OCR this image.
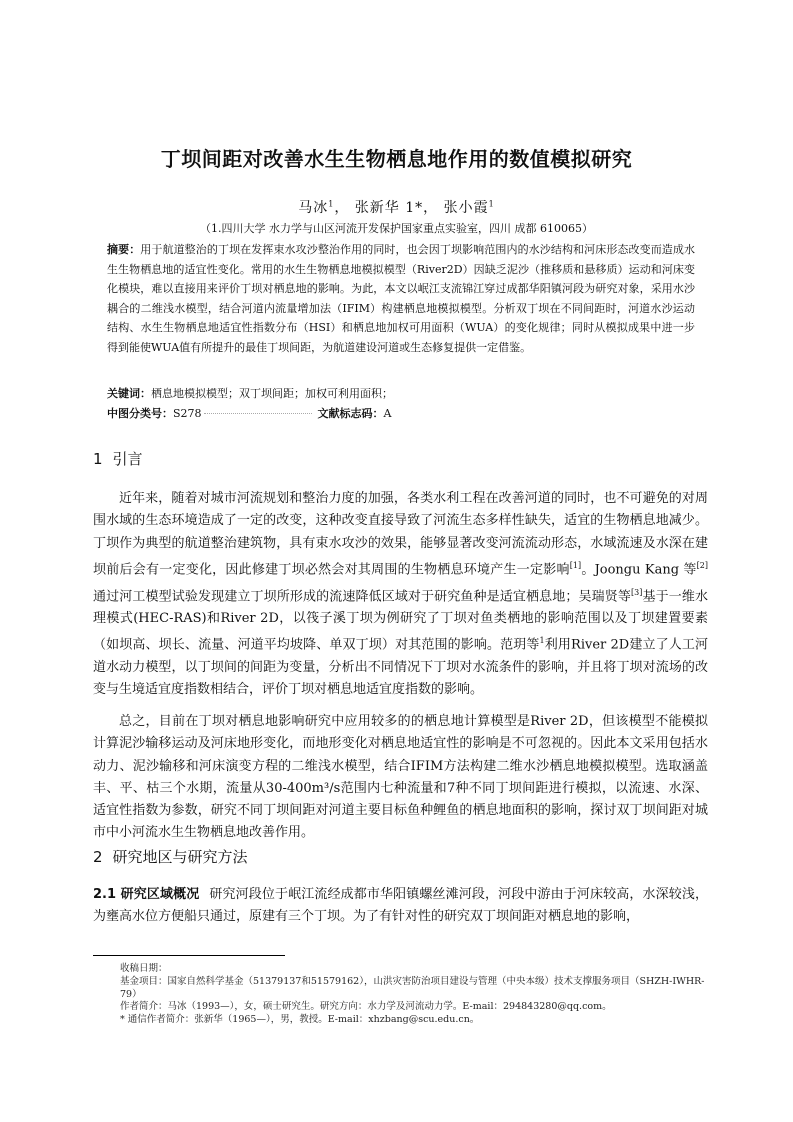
丁坝间距对改善水生生物栖息地作用的数值模拟研究
马冰$^1$， 张新华 1*， 张小霞$^1$
（1.四川大学 水力学与山区河流开发保护国家重点实验室，四川 成都 610065）
摘要：用于航道整治的丁坝在发挥束水攻沙整治作用的同时，也会因丁坝影响范围内的水沙结构和河床形态改变而造成水生生物栖息地的适宜性变化。常用的水生生物栖息地模拟模型（River2D）因缺乏泥沙（推移质和悬移质）运动和河床变化模块，难以直接用来评价丁坝对栖息地的影响。为此，本文以岷江支流锦江穿过成都华阳镇河段为研究对象，采用水沙耦合的二维浅水模型，结合河道内流量增加法（IFIM）构建栖息地模拟模型。分析双丁坝在不同间距时，河道水沙运动结构、水生生物栖息地适宜性指数分布（HSI）和栖息地加权可用面积（WUA）的变化规律；同时从模拟成果中进一步得到能使WUA值有所提升的最佳丁坝间距，为航道建设河道或生态修复提供一定借鉴。
关键词：栖息地模拟模型；双丁坝间距；加权可利用面积；
中图分类号：S278	文献标志码：A
1 引言

近年来，随着对城市河流规划和整治力度的加强，各类水利工程在改善河道的同时，也不可避免的对周围水域的生态环境造成了一定的改变，这种改变直接导致了河流生态多样性缺失，适宜的生物栖息地减少。丁坝作为典型的航道整治建筑物，具有束水攻沙的效果，能够显著改变河流流动形态，水域流速及水深在建坝前后会有一定变化，因此修建丁坝必然会对其周围的生物栖息环境产生一定影响[1]。Joongu Kang 等[2]通过河工模型试验发现建立丁坝所形成的流速降低区域对于研究鱼种是适宜栖息地；吴瑞贤等[3]基于一维水理模式(HEC-RAS)和River 2D，以筏子溪丁坝为例研究了丁坝对鱼类栖地的影响范围以及丁坝建置要素（如坝高、坝长、流量、河道平均坡降、单双丁坝）对其范围的影响。范玥等$^1$利用River 2D建立了人工河道水动力模型，以丁坝间的间距为变量，分析出不同情况下丁坝对水流条件的影响，并且将丁坝对流场的改变与生境适宜度指数相结合，评价丁坝对栖息地适宜度指数的影响。

总之，目前在丁坝对栖息地影响研究中应用较多的的栖息地计算模型是River 2D，但该模型不能模拟计算泥沙输移运动及河床地形变化，而地形变化对栖息地适宜性的影响是不可忽视的。因此本文采用包括水动力、泥沙输移和河床演变方程的二维浅水模型，结合IFIM方法构建二维水沙栖息地模拟模型。选取涵盖丰、平、枯三个水期，流量从30-400m³/s范围内七种流量和7种不同丁坝间距进行模拟，以流速、水深、适宜性指数为参数，研究不同丁坝间距对河道主要目标鱼种鲤鱼的栖息地面积的影响，探讨双丁坝间距对城市中小河流水生生物栖息地改善作用。

2 研究地区与研究方法

2.1 研究区域概况 研究河段位于岷江流经成都市华阳镇螺丝滩河段，河段中游由于河床较高，水深较浅，为壅高水位方便船只通过，原建有三个丁坝。为了有针对性的研究双丁坝间距对栖息地的影响，

收稿日期：
基金项目：国家自然科学基金（51379137和51579162），山洪灾害防治项目建设与管理（中央本级）技术支撑服务项目（SHZH-IWHR-79）
作者简介：马冰（1993—），女，硕士研究生。研究方向：水力学及河流动力学。E-mail：294843280@qq.com。
* 通信作者简介：张新华（1965—），男，教授。E-mail：xhzbang@scu.edu.cn。
